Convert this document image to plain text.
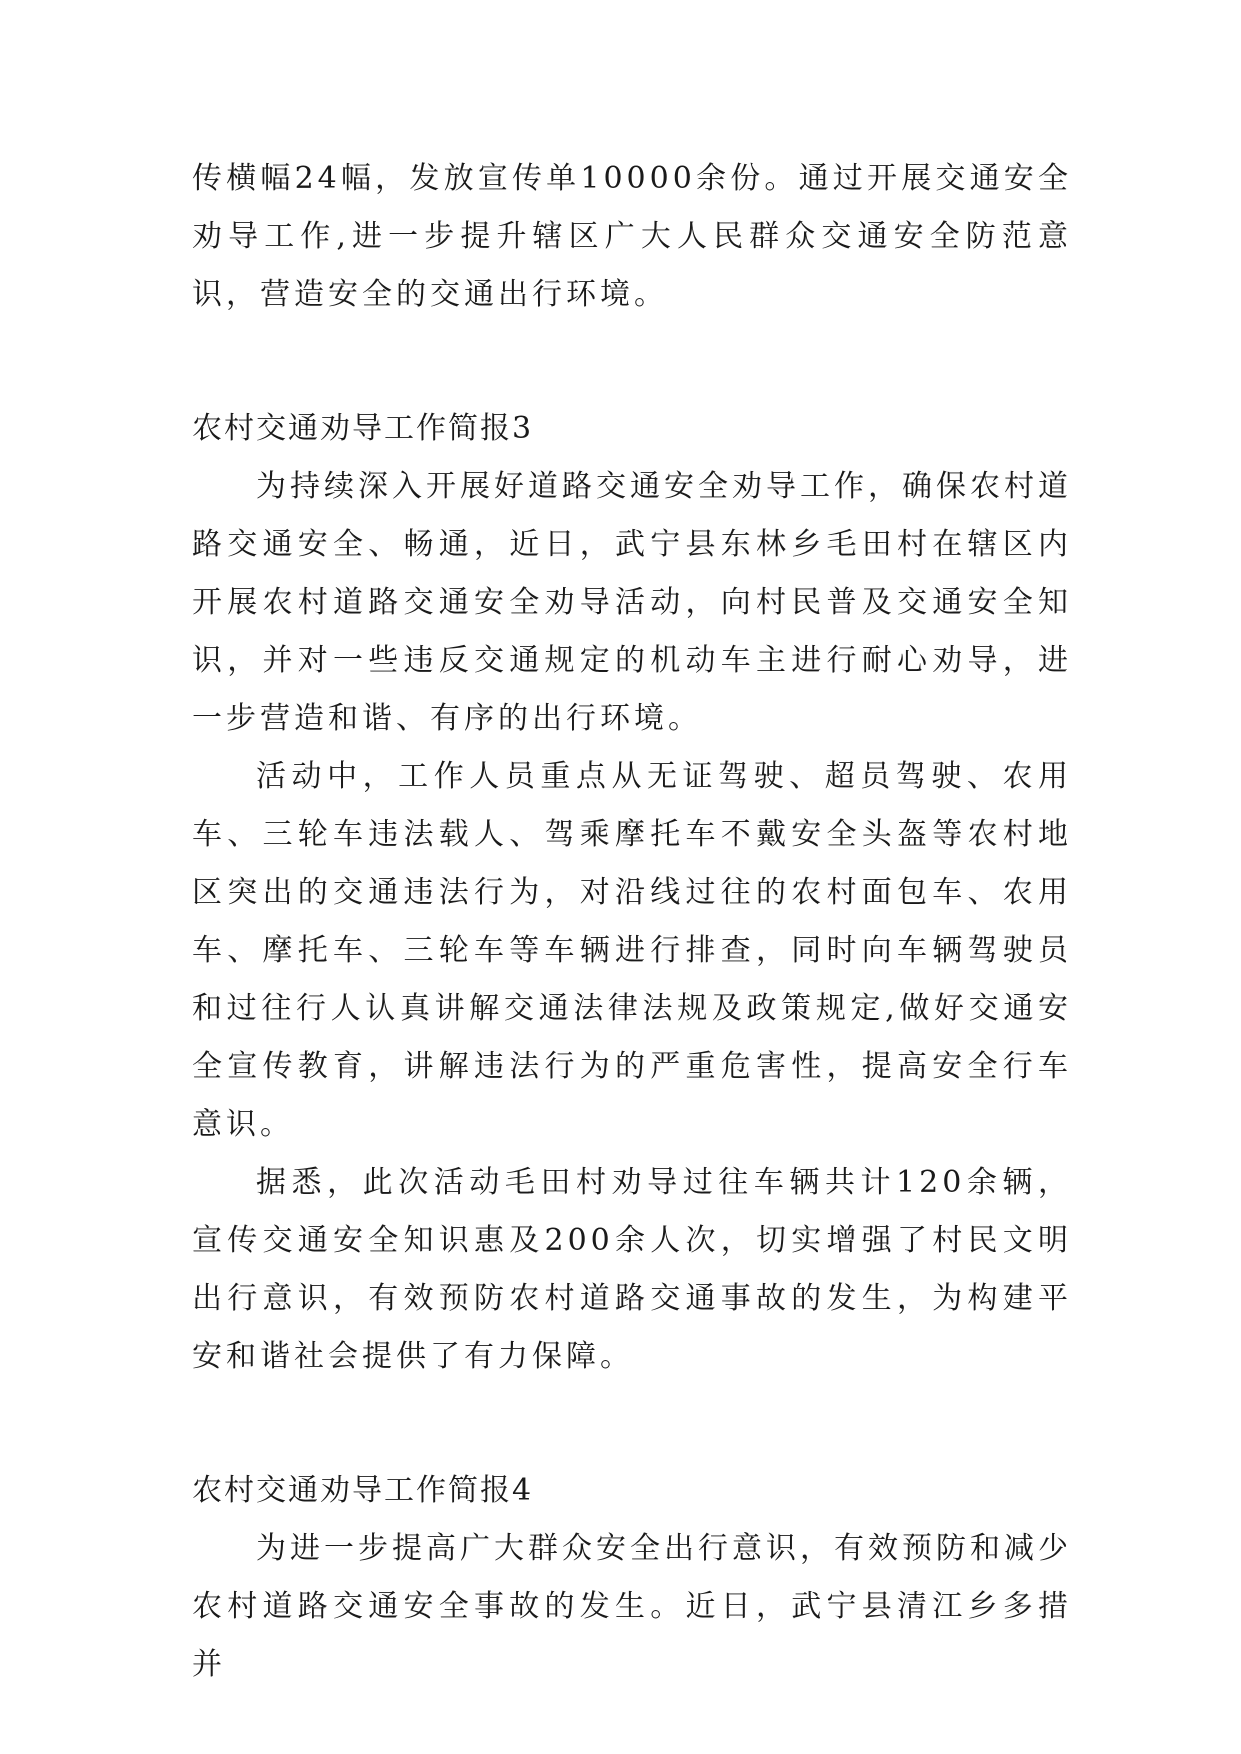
传横幅24幅，发放宣传单10000余份。通过开展交通安全劝导工作,进一步提升辖区广大人民群众交通安全防范意识，营造安全的交通出行环境。

农村交通劝导工作简报3

为持续深入开展好道路交通安全劝导工作，确保农村道路交通安全、畅通，近日，武宁县东林乡毛田村在辖区内开展农村道路交通安全劝导活动，向村民普及交通安全知识，并对一些违反交通规定的机动车主进行耐心劝导，进一步营造和谐、有序的出行环境。

活动中，工作人员重点从无证驾驶、超员驾驶、农用车、三轮车违法载人、驾乘摩托车不戴安全头盔等农村地区突出的交通违法行为，对沿线过往的农村面包车、农用车、摩托车、三轮车等车辆进行排查，同时向车辆驾驶员和过往行人认真讲解交通法律法规及政策规定,做好交通安全宣传教育，讲解违法行为的严重危害性，提高安全行车意识。

据悉，此次活动毛田村劝导过往车辆共计120余辆，宣传交通安全知识惠及200余人次，切实增强了村民文明出行意识，有效预防农村道路交通事故的发生，为构建平安和谐社会提供了有力保障。

农村交通劝导工作简报4

为进一步提高广大群众安全出行意识，有效预防和减少农村道路交通安全事故的发生。近日，武宁县清江乡多措并
